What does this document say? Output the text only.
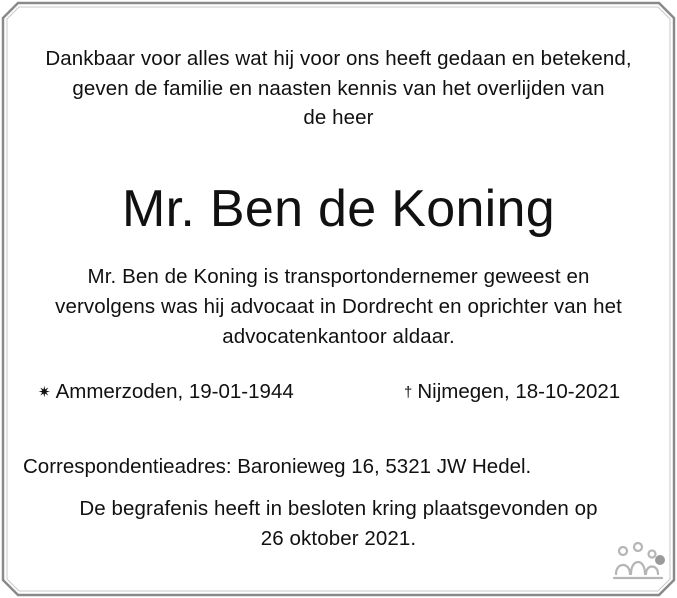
Dankbaar voor alles wat hij voor ons heeft gedaan en betekend,
geven de familie en naasten kennis van het overlijden van
de heer
Mr. Ben de Koning
Mr. Ben de Koning is transportondernemer geweest en
vervolgens was hij advocaat in Dordrecht en oprichter van het
advocatenkantoor aldaar.
✷ Ammerzoden, 19-01-1944	† Nijmegen, 18-10-2021
Correspondentieadres: Baronieweg 16, 5321 JW Hedel.
De begrafenis heeft in besloten kring plaatsgevonden op
26 oktober 2021.
